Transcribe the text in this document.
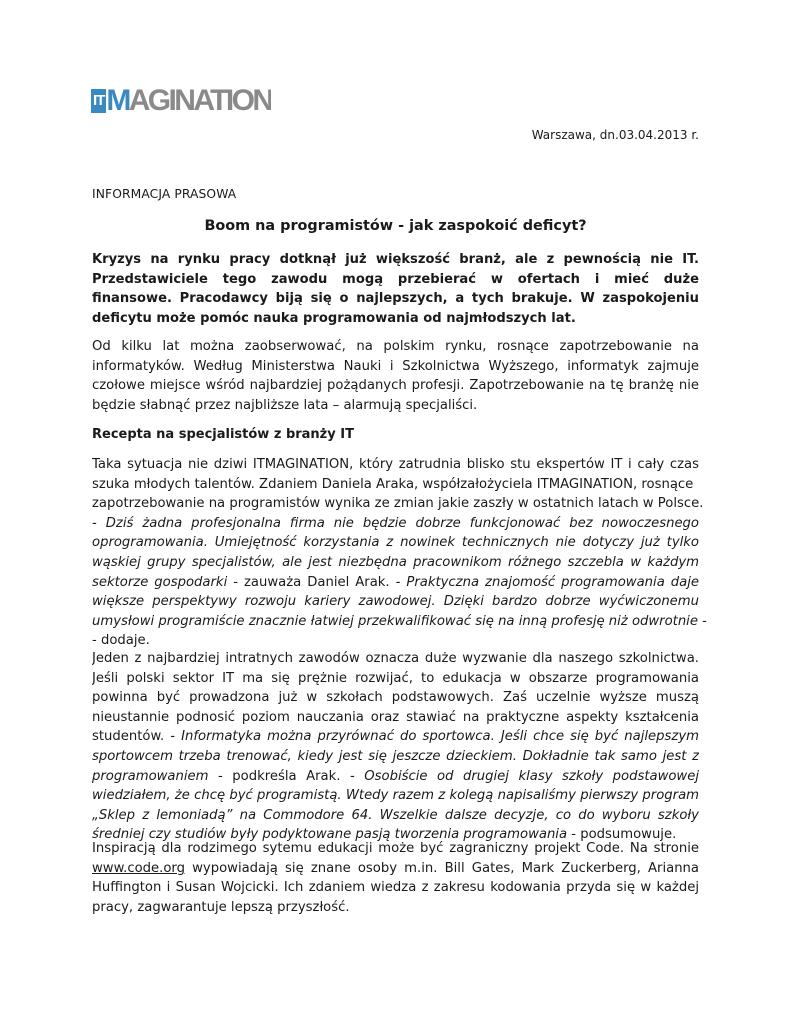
IT MAGINATION
Warszawa, dn.03.04.2013 r.
INFORMACJA PRASOWA
Boom na programistów - jak zaspokoić deficyt?
Kryzys na rynku pracy dotknął już większość branż, ale z pewnością nie IT.
Przedstawiciele tego zawodu mogą przebierać w ofertach i mieć duże
finansowe. Pracodawcy biją się o najlepszych, a tych brakuje. W zaspokojeniu
deficytu może pomóc nauka programowania od najmłodszych lat.
Od kilku lat można zaobserwować, na polskim rynku, rosnące zapotrzebowanie na
informatyków. Według Ministerstwa Nauki i Szkolnictwa Wyższego, informatyk zajmuje
czołowe miejsce wśród najbardziej pożądanych profesji. Zapotrzebowanie na tę branżę nie
będzie słabnąć przez najbliższe lata – alarmują specjaliści.
Recepta na specjalistów z branży IT
Taka sytuacja nie dziwi ITMAGINATION, który zatrudnia blisko stu ekspertów IT i cały czas
szuka młodych talentów. Zdaniem Daniela Araka, współzałożyciela ITMAGINATION, rosnące
zapotrzebowanie na programistów wynika ze zmian jakie zaszły w ostatnich latach w Polsce.
- Dziś żadna profesjonalna firma nie będzie dobrze funkcjonować bez nowoczesnego
oprogramowania. Umiejętność korzystania z nowinek technicznych nie dotyczy już tylko
wąskiej grupy specjalistów, ale jest niezbędna pracownikom różnego szczebla w każdym
sektorze gospodarki - zauważa Daniel Arak. - Praktyczna znajomość programowania daje
większe perspektywy rozwoju kariery zawodowej. Dzięki bardzo dobrze wyćwiczonemu
umysłowi programiście znacznie łatwiej przekwalifikować się na inną profesję niż odwrotnie -
- dodaje.
Jeden z najbardziej intratnych zawodów oznacza duże wyzwanie dla naszego szkolnictwa.
Jeśli polski sektor IT ma się prężnie rozwijać, to edukacja w obszarze programowania
powinna być prowadzona już w szkołach podstawowych. Zaś uczelnie wyższe muszą
nieustannie podnosić poziom nauczania oraz stawiać na praktyczne aspekty kształcenia
studentów. - Informatyka można przyrównać do sportowca. Jeśli chce się być najlepszym
sportowcem trzeba trenować, kiedy jest się jeszcze dzieckiem. Dokładnie tak samo jest z
programowaniem - podkreśla Arak. - Osobiście od drugiej klasy szkoły podstawowej
wiedziałem, że chcę być programistą. Wtedy razem z kolegą napisaliśmy pierwszy program
„Sklep z lemoniadą” na Commodore 64. Wszelkie dalsze decyzje, co do wyboru szkoły
średniej czy studiów były podyktowane pasją tworzenia programowania - podsumowuje.
Inspiracją dla rodzimego sytemu edukacji może być zagraniczny projekt Code. Na stronie
www.code.org wypowiadają się znane osoby m.in. Bill Gates, Mark Zuckerberg, Arianna
Huffington i Susan Wojcicki. Ich zdaniem wiedza z zakresu kodowania przyda się w każdej
pracy, zagwarantuje lepszą przyszłość.
